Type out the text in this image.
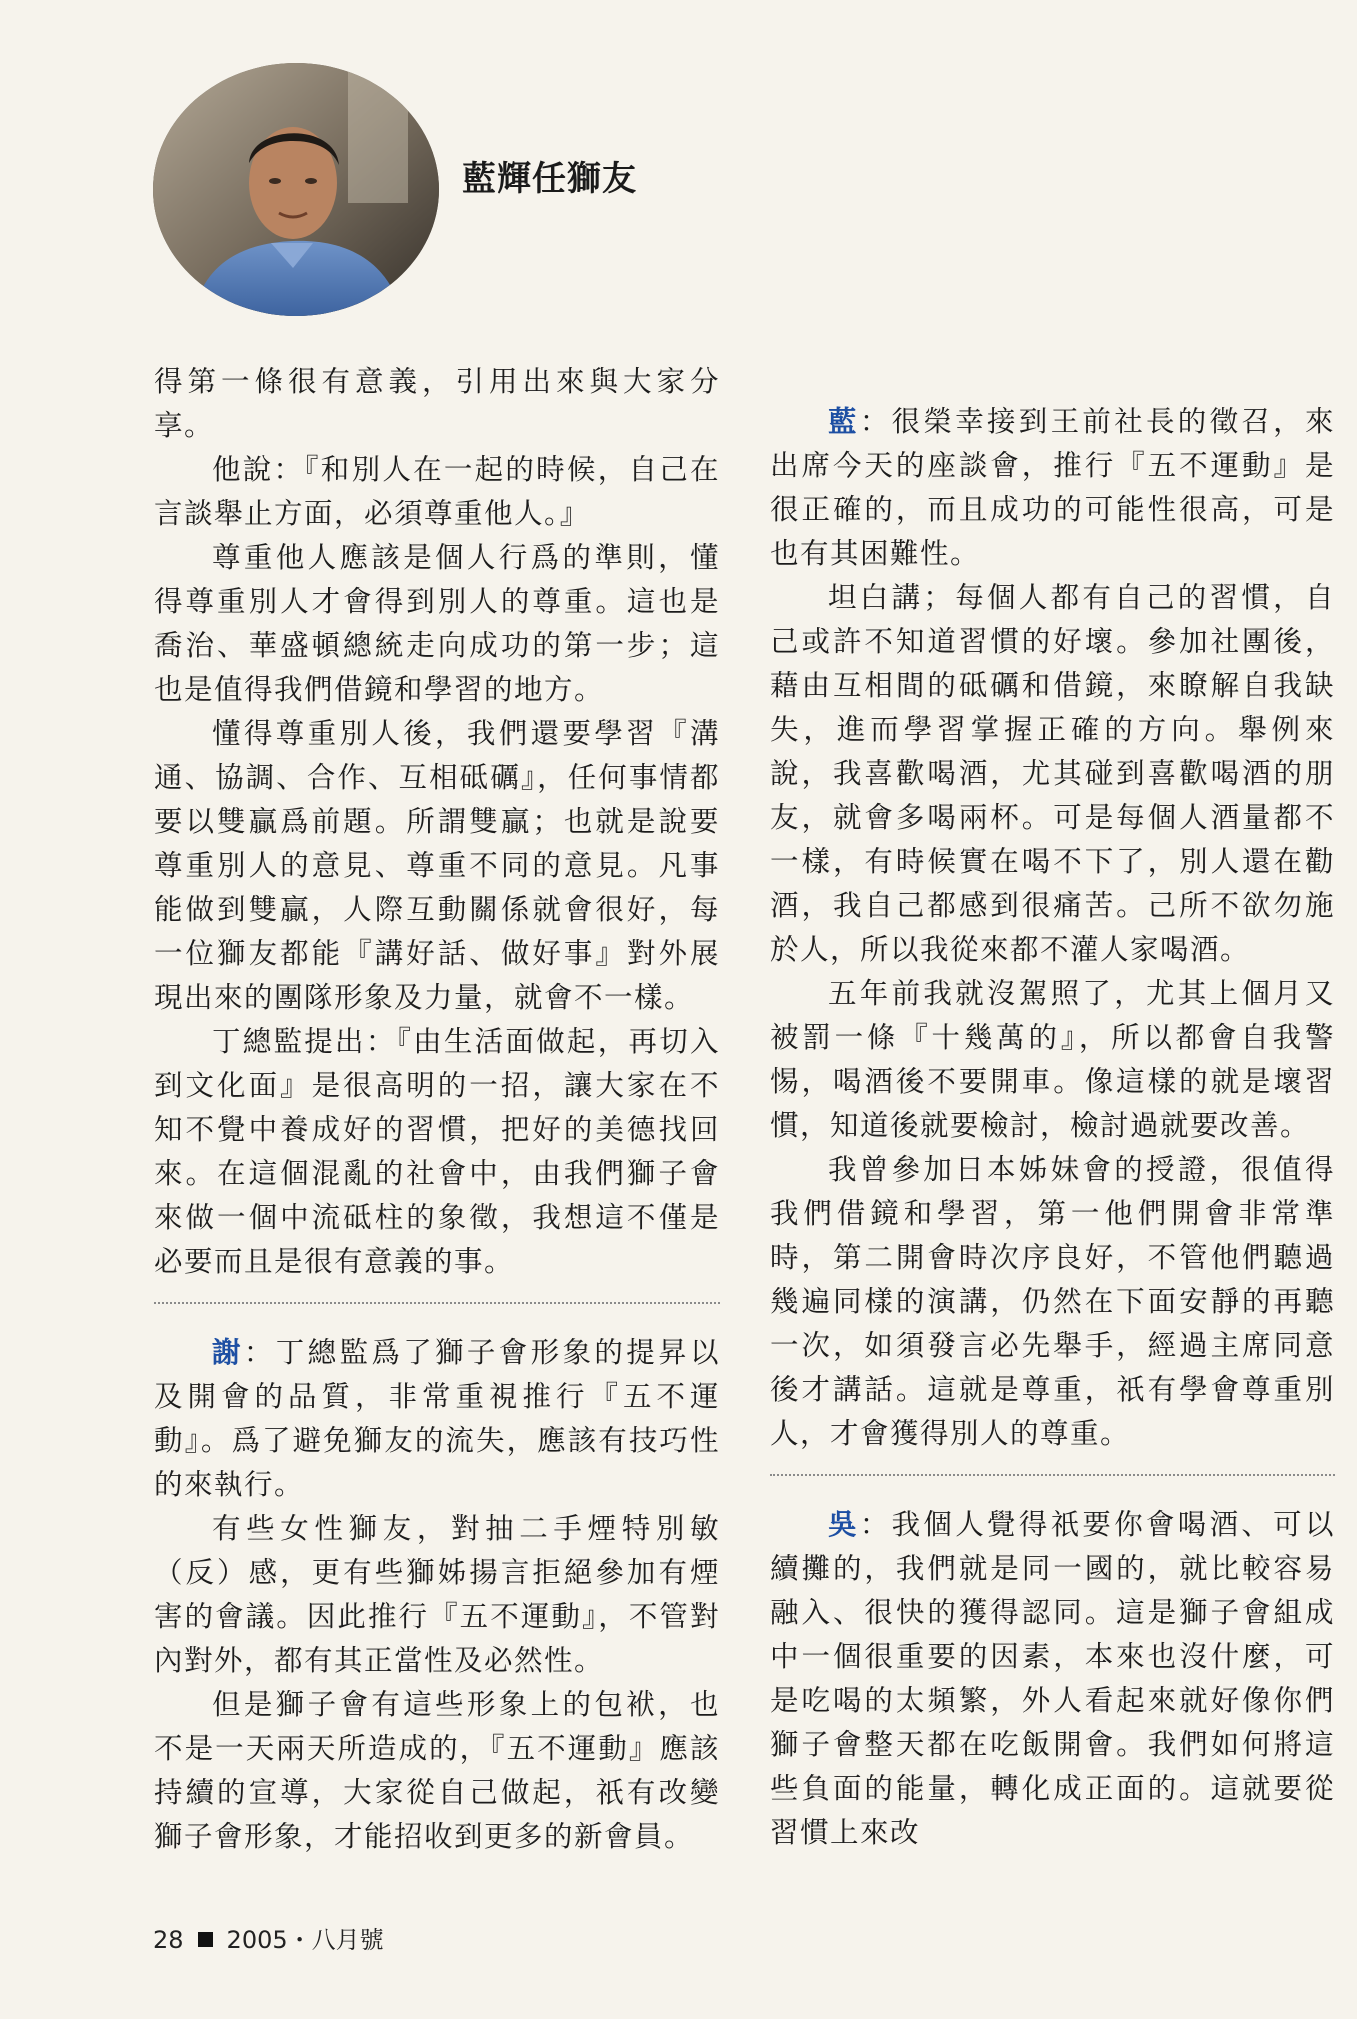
藍輝任獅友

得第一條很有意義，引用出來與大家分享。

他說：『和別人在一起的時候，自己在言談舉止方面，必須尊重他人。』

尊重他人應該是個人行爲的準則，懂得尊重別人才會得到別人的尊重。這也是喬治、華盛頓總統走向成功的第一步；這也是值得我們借鏡和學習的地方。

懂得尊重別人後，我們還要學習『溝通、協調、合作、互相砥礪』，任何事情都要以雙贏爲前題。所謂雙贏；也就是說要尊重別人的意見、尊重不同的意見。凡事能做到雙贏，人際互動關係就會很好，每一位獅友都能『講好話、做好事』對外展現出來的團隊形象及力量，就會不一樣。

丁總監提出：『由生活面做起，再切入到文化面』是很高明的一招，讓大家在不知不覺中養成好的習慣，把好的美德找回來。在這個混亂的社會中，由我們獅子會來做一個中流砥柱的象徵，我想這不僅是必要而且是很有意義的事。

謝：丁總監爲了獅子會形象的提昇以及開會的品質，非常重視推行『五不運動』。爲了避免獅友的流失，應該有技巧性的來執行。

有些女性獅友，對抽二手煙特別敏（反）感，更有些獅姊揚言拒絕參加有煙害的會議。因此推行『五不運動』，不管對內對外，都有其正當性及必然性。

但是獅子會有這些形象上的包袱，也不是一天兩天所造成的，『五不運動』應該持續的宣導，大家從自己做起，祇有改變獅子會形象，才能招收到更多的新會員。

藍：很榮幸接到王前社長的徵召，來出席今天的座談會，推行『五不運動』是很正確的，而且成功的可能性很高，可是也有其困難性。

坦白講；每個人都有自己的習慣，自己或許不知道習慣的好壞。參加社團後，藉由互相間的砥礪和借鏡，來瞭解自我缺失，進而學習掌握正確的方向。舉例來說，我喜歡喝酒，尤其碰到喜歡喝酒的朋友，就會多喝兩杯。可是每個人酒量都不一樣，有時候實在喝不下了，別人還在勸酒，我自己都感到很痛苦。己所不欲勿施於人，所以我從來都不灌人家喝酒。

五年前我就沒駕照了，尤其上個月又被罰一條『十幾萬的』，所以都會自我警惕，喝酒後不要開車。像這樣的就是壞習慣，知道後就要檢討，檢討過就要改善。

我曾參加日本姊妹會的授證，很值得我們借鏡和學習，第一他們開會非常準時，第二開會時次序良好，不管他們聽過幾遍同樣的演講，仍然在下面安靜的再聽一次，如須發言必先舉手，經過主席同意後才講話。這就是尊重，祇有學會尊重別人，才會獲得別人的尊重。

吳：我個人覺得祇要你會喝酒、可以續攤的，我們就是同一國的，就比較容易融入、很快的獲得認同。這是獅子會組成中一個很重要的因素，本來也沒什麼，可是吃喝的太頻繁，外人看起來就好像你們獅子會整天都在吃飯開會。我們如何將這些負面的能量，轉化成正面的。這就要從習慣上來改

28 2005・八月號
